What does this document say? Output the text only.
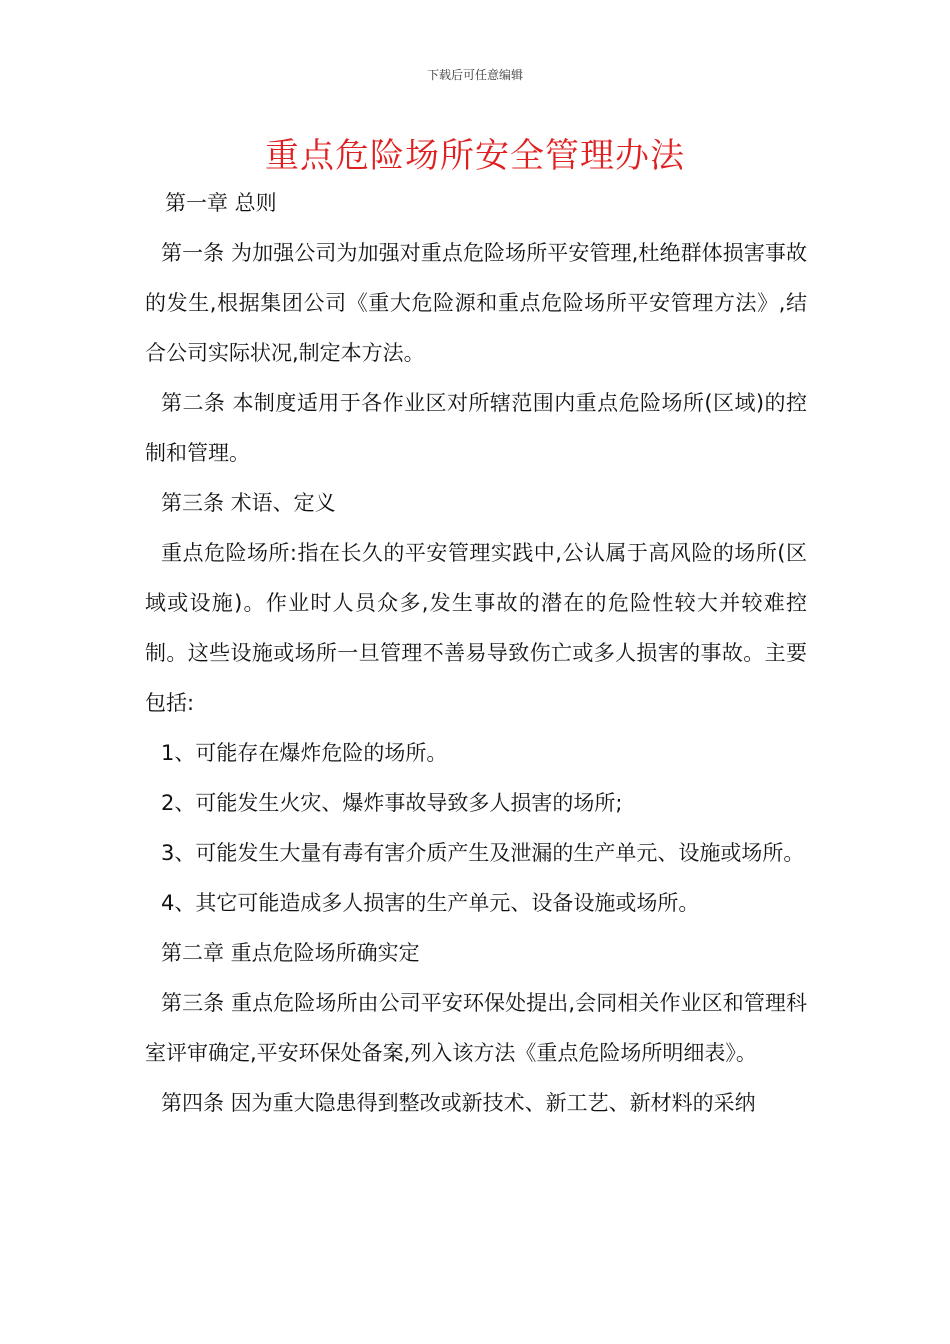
下载后可任意编辑
重点危险场所安全管理办法

第一章 总则

第一条 为加强公司为加强对重点危险场所平安管理,杜绝群体损害事故的发生,根据集团公司《重大危险源和重点危险场所平安管理方法》,结合公司实际状况,制定本方法。

第二条 本制度适用于各作业区对所辖范围内重点危险场所(区域)的控制和管理。

第三条 术语、定义

重点危险场所:指在长久的平安管理实践中,公认属于高风险的场所(区域或设施)。作业时人员众多,发生事故的潜在的危险性较大并较难控制。这些设施或场所一旦管理不善易导致伤亡或多人损害的事故。主要包括:

1、可能存在爆炸危险的场所。

2、可能发生火灾、爆炸事故导致多人损害的场所;

3、可能发生大量有毒有害介质产生及泄漏的生产单元、设施或场所。

4、其它可能造成多人损害的生产单元、设备设施或场所。

第二章 重点危险场所确实定

第三条 重点危险场所由公司平安环保处提出,会同相关作业区和管理科室评审确定,平安环保处备案,列入该方法《重点危险场所明细表》。

第四条 因为重大隐患得到整改或新技术、新工艺、新材料的采纳
